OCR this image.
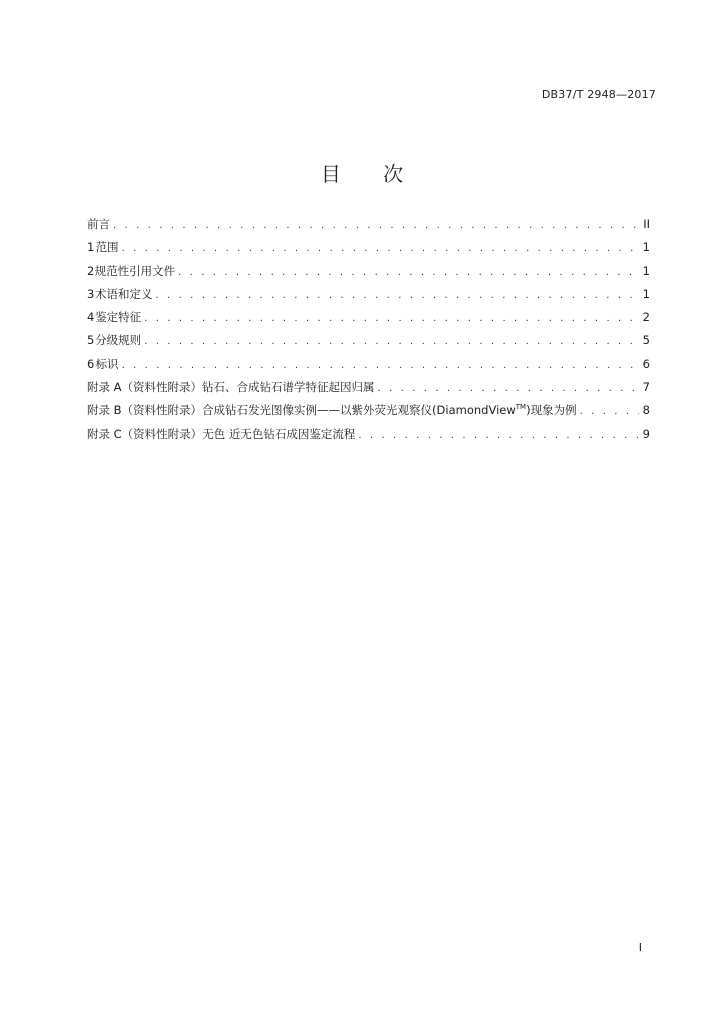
DB37/T 2948—2017
目 次
前言 . . .	II
1 范围 . . .	1
2 规范性引用文件 . . .	1
3 术语和定义 . . .	1
4 鉴定特征 . . .	2
5 分级规则 . . .	5
6 标识 . . .	6
附录 A（资料性附录） 钻石、合成钻石谱学特征起因归属 . . .	7
附录 B（资料性附录） 合成钻石发光图像实例——以紫外荧光观察仪(DiamondView™)现象为例 . . .	8
附录 C（资料性附录） 无色 近无色钻石成因鉴定流程 . . .	9
I
